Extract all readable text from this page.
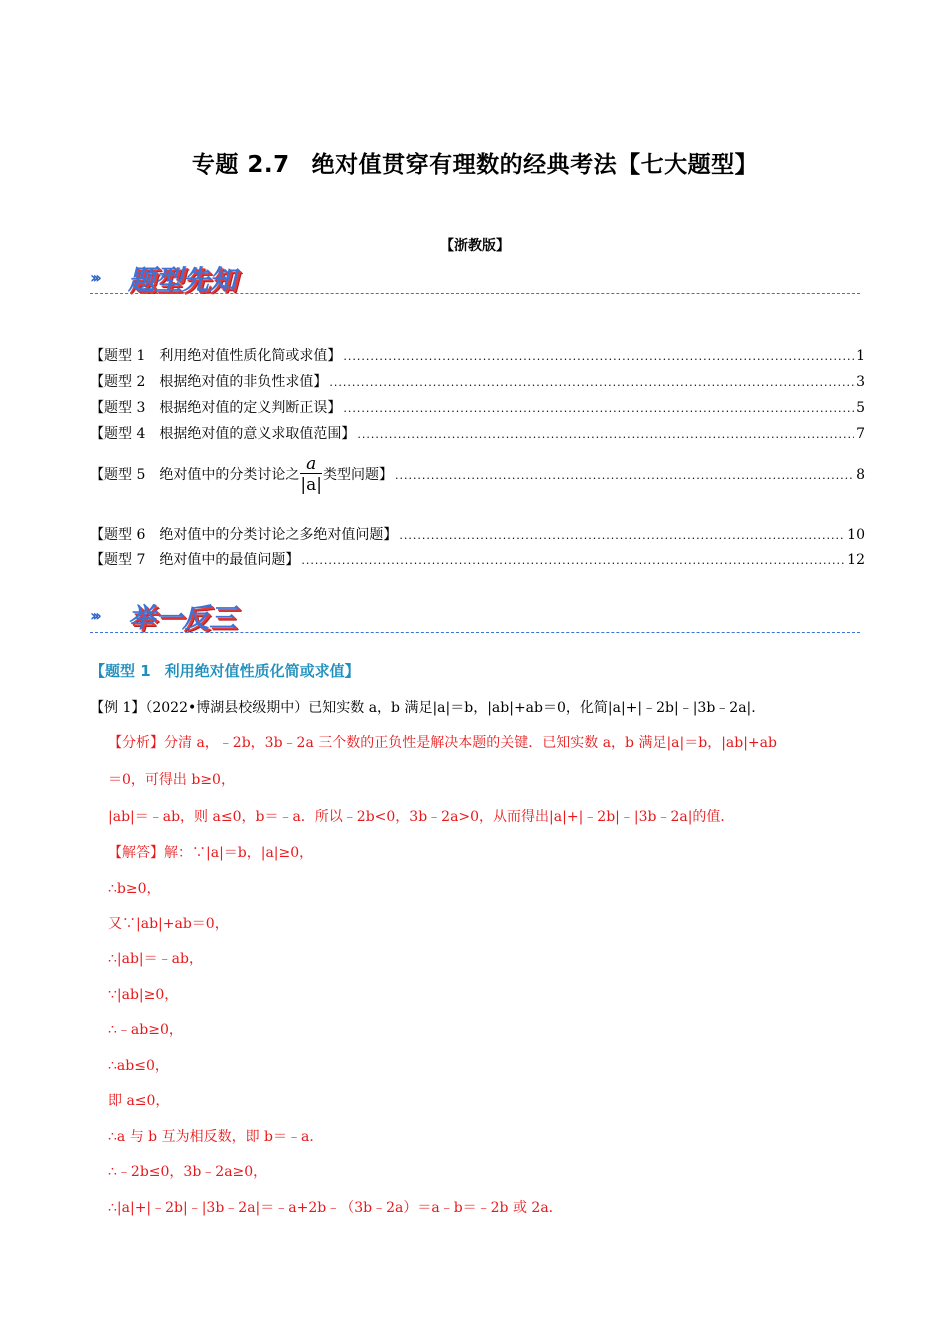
专题 2.7 绝对值贯穿有理数的经典考法【七大题型】
【浙教版】
››› 题型先知
【题型 1 利用绝对值性质化简或求值】 .....	1
【题型 2 根据绝对值的非负性求值】 .....	3
【题型 3 根据绝对值的定义判断正误】 .....	5
【题型 4 根据绝对值的意义求取值范围】 .....	7
【题型 5 绝对值中的分类讨论之 $\frac{a}{|a|}$ 类型问题】 .....	8
【题型 6 绝对值中的分类讨论之多绝对值问题】 .....	10
【题型 7 绝对值中的最值问题】 .....	12
››› 举一反三
【题型 1 利用绝对值性质化简或求值】
【例 1】（2022•博湖县校级期中）已知实数 a，b 满足|a|＝b，|ab|+ab＝0，化简|a|+|﹣2b|﹣|3b﹣2a|.
【分析】分清 a，﹣2b，3b﹣2a 三个数的正负性是解决本题的关键．已知实数 a，b 满足|a|＝b，|ab|+ab
＝0，可得出 b≥0，
|ab|＝﹣ab，则 a≤0，b＝﹣a．所以﹣2b<0，3b﹣2a>0，从而得出|a|+|﹣2b|﹣|3b﹣2a|的值．
【解答】解：∵|a|＝b，|a|≥0，
∴b≥0，
又∵|ab|+ab＝0，
∴|ab|＝﹣ab，
∵|ab|≥0，
∴﹣ab≥0，
∴ab≤0，
即 a≤0，
∴a 与 b 互为相反数，即 b＝﹣a．
∴﹣2b≤0，3b﹣2a≥0，
∴|a|+|﹣2b|﹣|3b﹣2a|＝﹣a+2b﹣（3b﹣2a）＝a﹣b＝﹣2b 或 2a．
